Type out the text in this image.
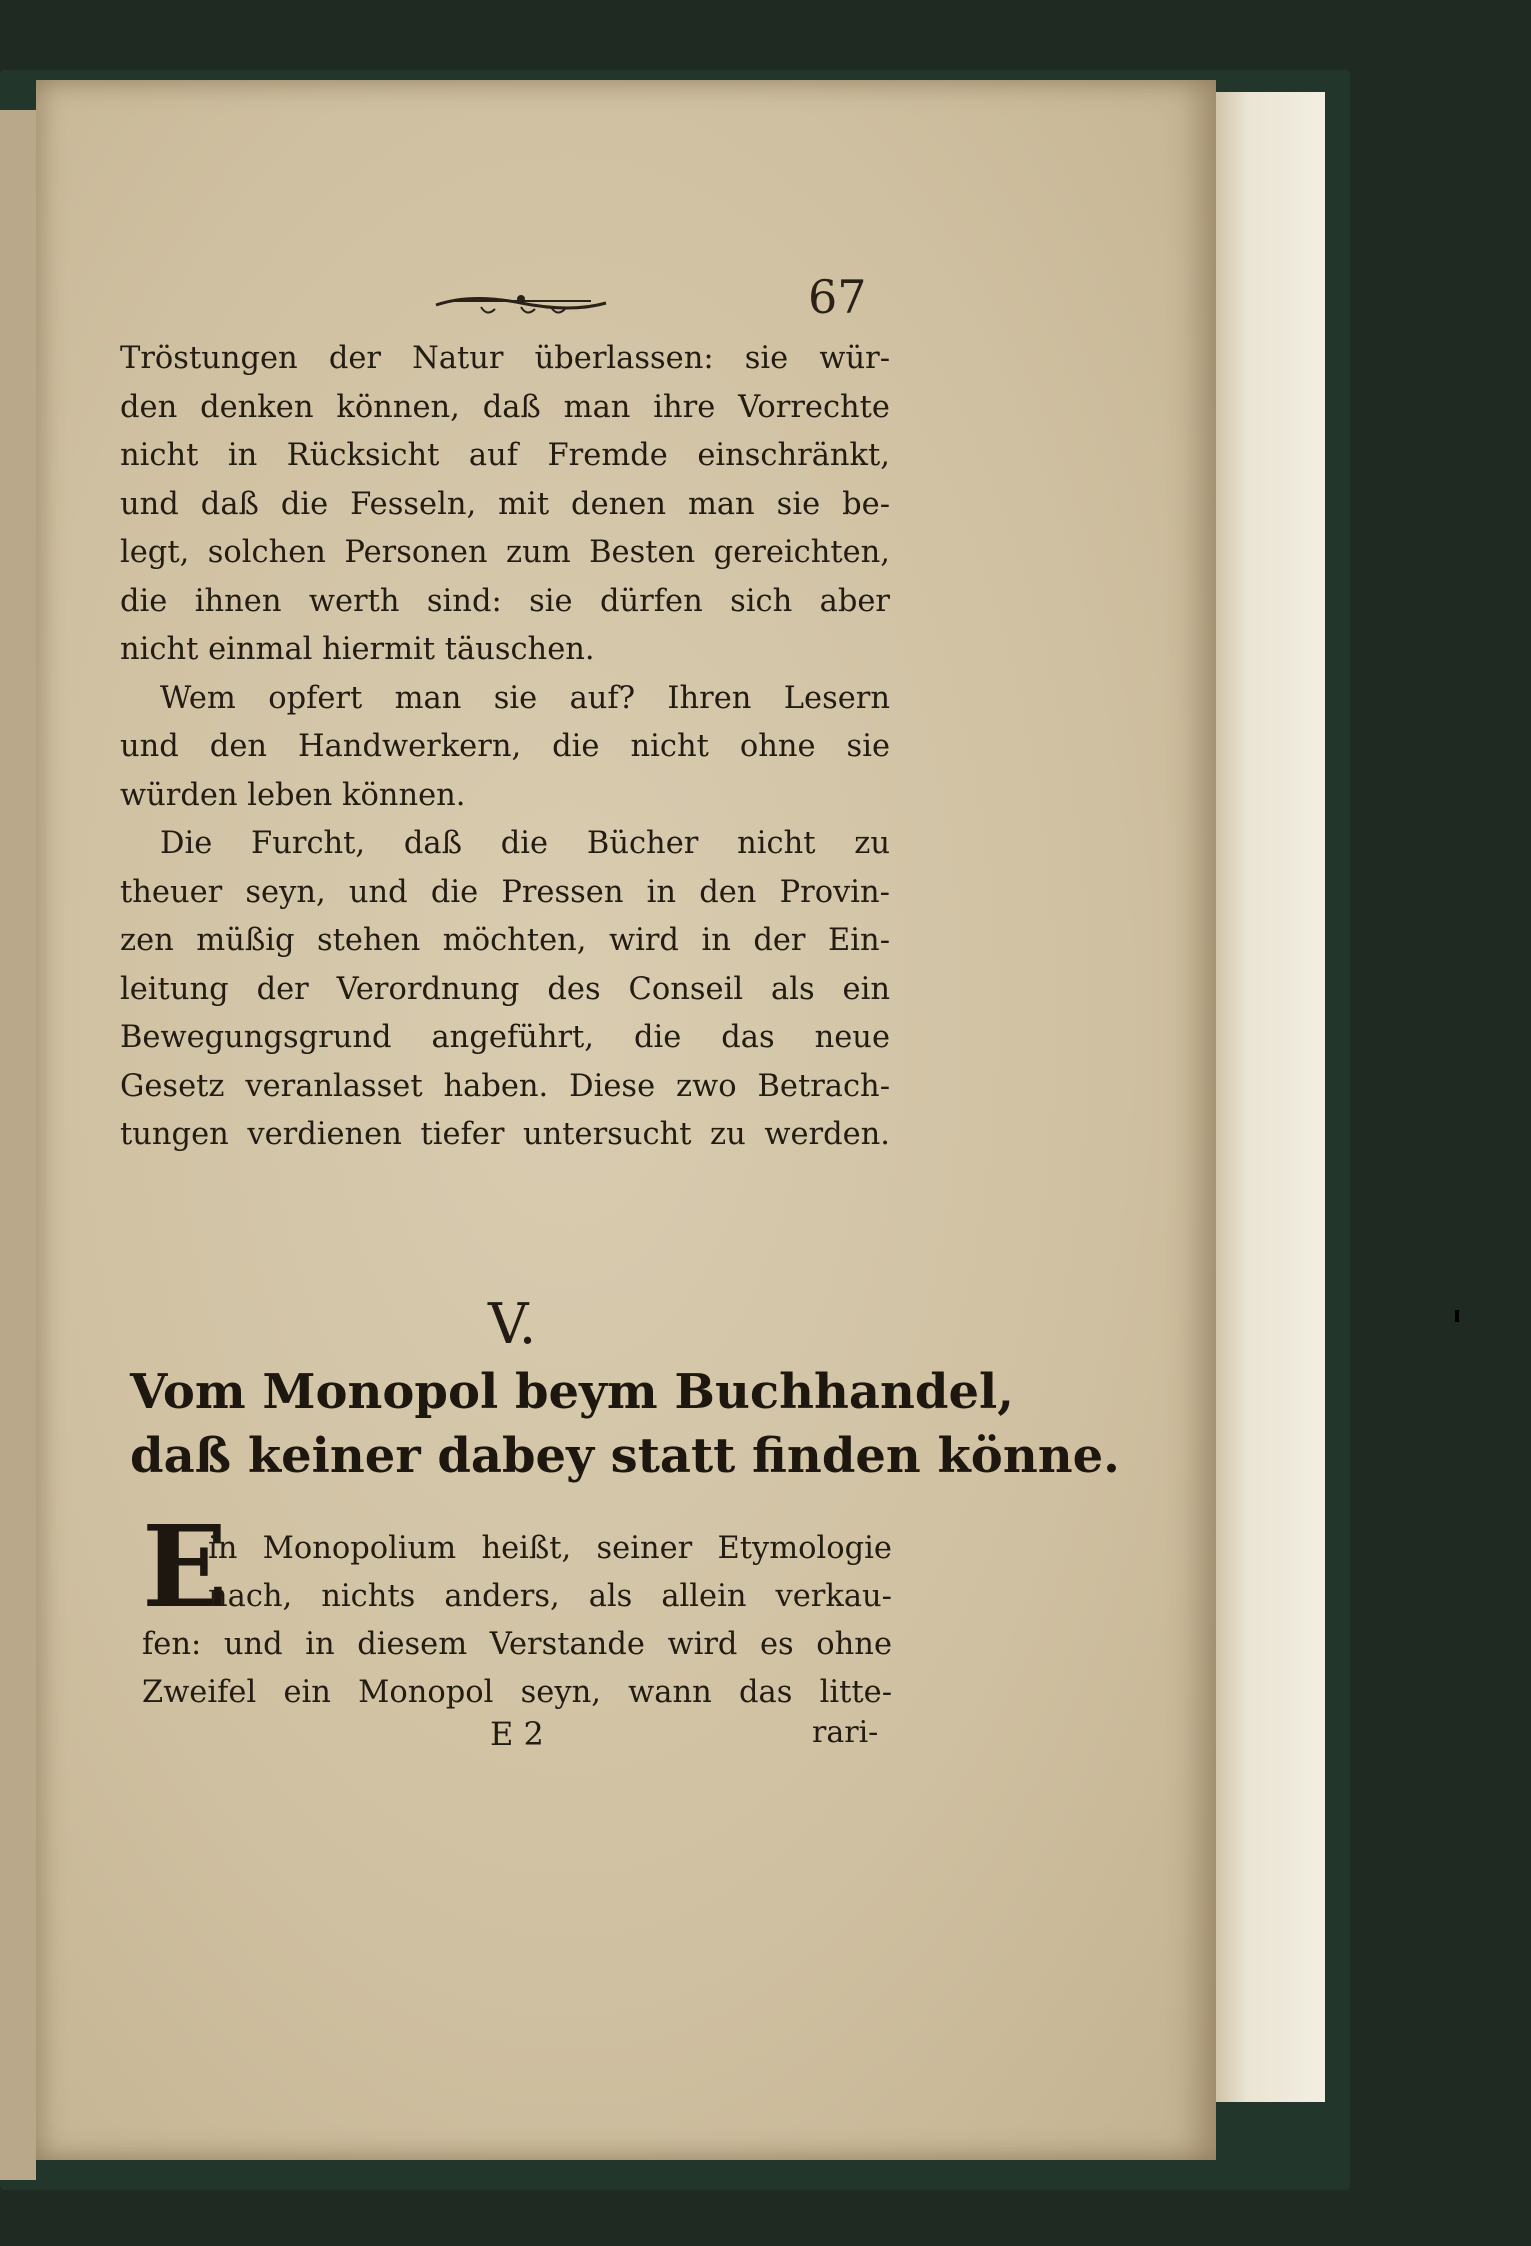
67
Tröstungen der Natur überlassen: sie wür-
den denken können, daß man ihre Vorrechte
nicht in Rücksicht auf Fremde einschränkt,
und daß die Fesseln, mit denen man sie be-
legt, solchen Personen zum Besten gereichten,
die ihnen werth sind: sie dürfen sich aber
nicht einmal hiermit täuschen.
Wem opfert man sie auf? Ihren Lesern
und den Handwerkern, die nicht ohne sie
würden leben können.
Die Furcht, daß die Bücher nicht zu
theuer seyn, und die Pressen in den Provin-
zen müßig stehen möchten, wird in der Ein-
leitung der Verordnung des Conseil als ein
Bewegungsgrund angeführt, die das neue
Gesetz veranlasset haben. Diese zwo Betrach-
tungen verdienen tiefer untersucht zu werden.
V.
Vom Monopol beym Buchhandel,
daß keiner dabey statt finden könne.
E
in Monopolium heißt, seiner Etymologie
nach, nichts anders, als allein verkau-
fen: und in diesem Verstande wird es ohne
Zweifel ein Monopol seyn, wann das litte-
E 2	rari-
